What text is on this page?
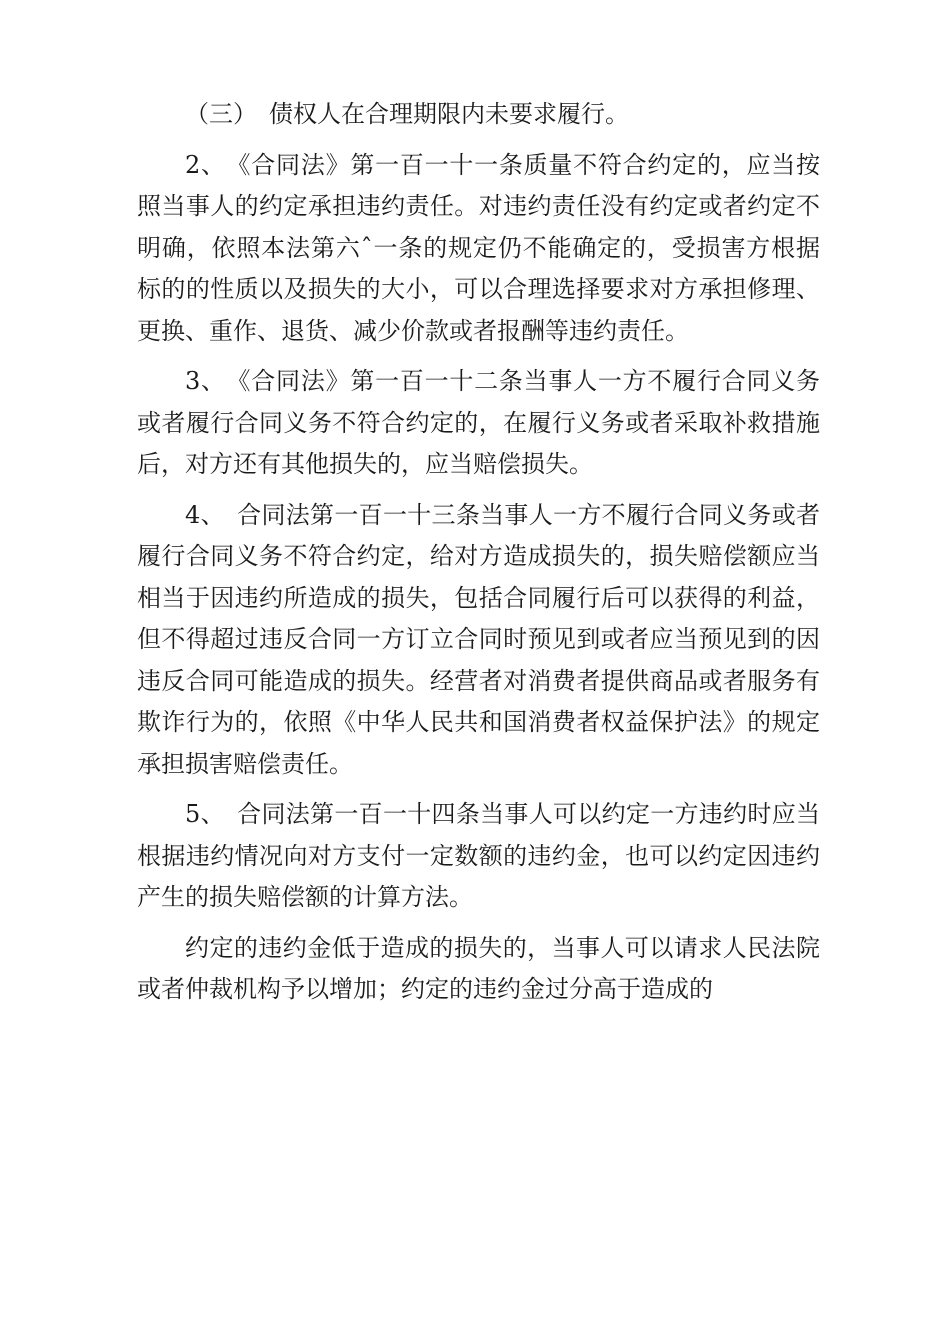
（三）　债权人在合理期限内未要求履行。

2、　《合同法》第一百一十一条质量不符合约定的，应当按照当事人的约定承担违约责任。对违约责任没有约定或者约定不明确，依照本法第六ˆ一条的规定仍不能确定的，受损害方根据标的的性质以及损失的大小，可以合理选择要求对方承担修理、更换、重作、退货、减少价款或者报酬等违约责任。

3、　《合同法》第一百一十二条当事人一方不履行合同义务或者履行合同义务不符合约定的，在履行义务或者采取补救措施后，对方还有其他损失的，应当赔偿损失。

4、　合同法第一百一十三条当事人一方不履行合同义务或者履行合同义务不符合约定，给对方造成损失的，损失赔偿额应当相当于因违约所造成的损失，包括合同履行后可以获得的利益，但不得超过违反合同一方订立合同时预见到或者应当预见到的因违反合同可能造成的损失。经营者对消费者提供商品或者服务有欺诈行为的，依照《中华人民共和国消费者权益保护法》的规定承担损害赔偿责任。

5、　合同法第一百一十四条当事人可以约定一方违约时应当根据违约情况向对方支付一定数额的违约金，也可以约定因违约产生的损失赔偿额的计算方法。

约定的违约金低于造成的损失的，当事人可以请求人民法院或者仲裁机构予以增加；约定的违约金过分高于造成的
